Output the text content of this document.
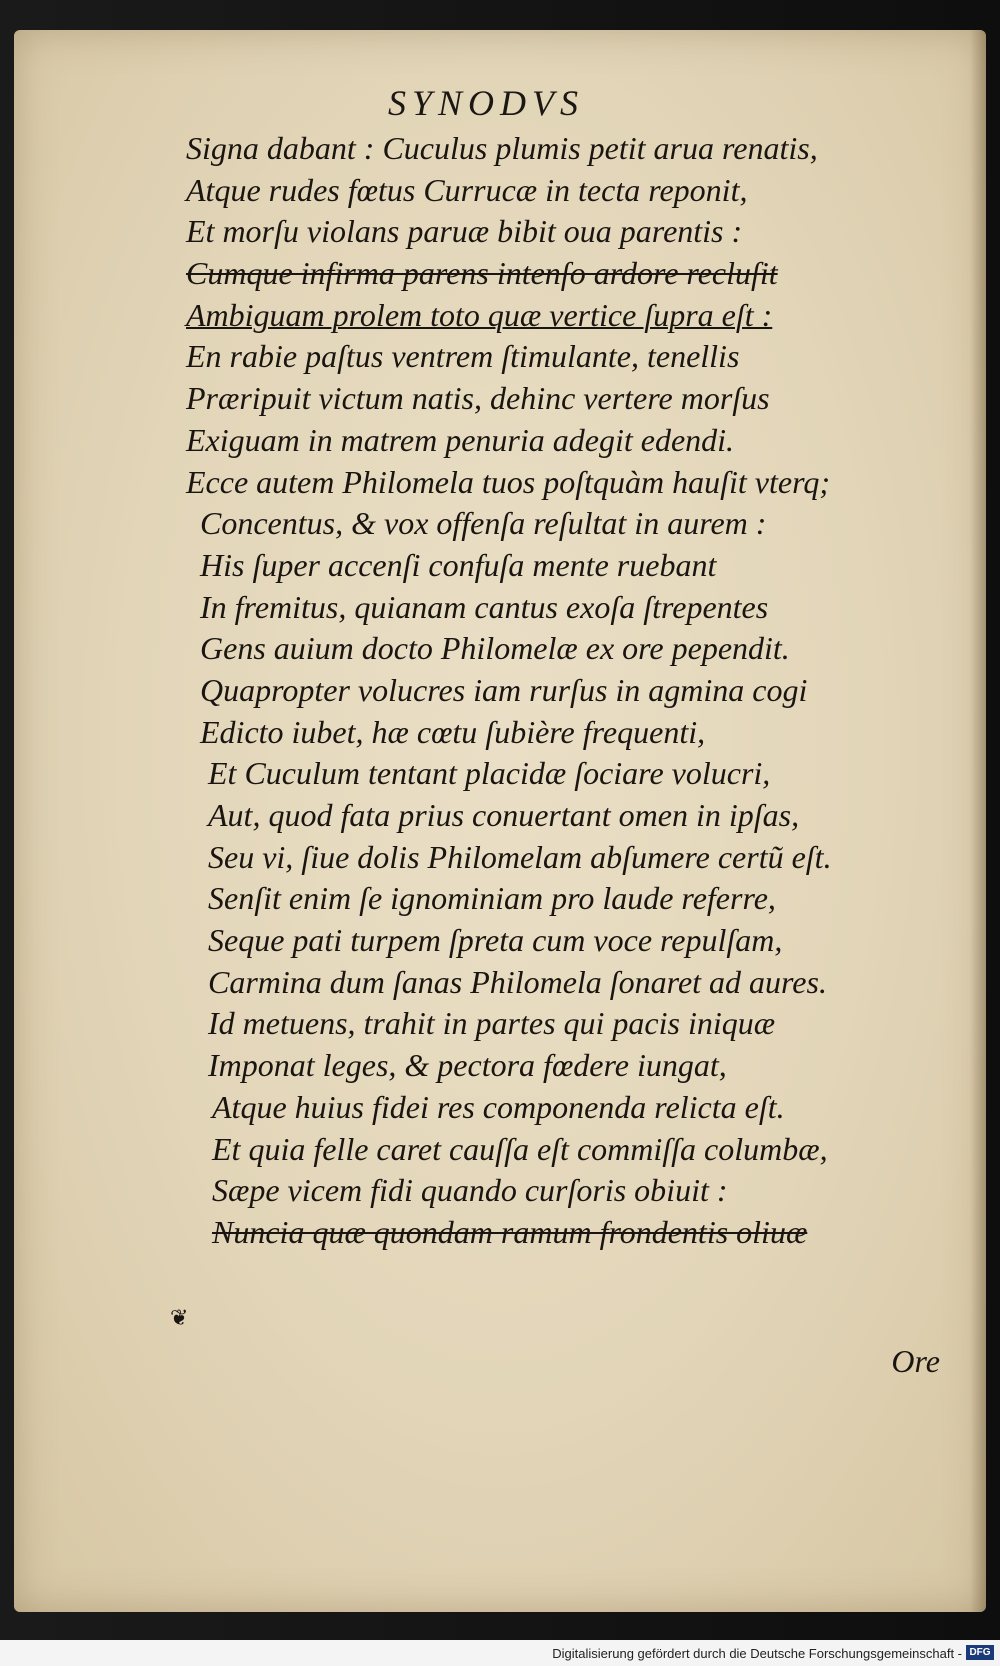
SYNODVS
Signa dabant : Cuculus plumis petit arua renatis,
Atque rudes fœtus Currucæ in tecta reponit,
Et morſu violans paruæ bibit oua parentis :
Cumque infirma parens intenſo ardore recluſit
Ambiguam prolem toto quæ vertice ſupra eſt :
En rabie paſtus ventrem ſtimulante, tenellis
Præripuit victum natis, dehinc vertere morſus
Exiguam in matrem penuria adegit edendi.
Ecce autem Philomela tuos poſtquàm hauſit vterq;
Concentus, & vox offenſa reſultat in aurem :
His ſuper accenſi confuſa mente ruebant
In fremitus, quianam cantus exoſa ſtrepentes
Gens auium docto Philomelæ ex ore pependit.
Quapropter volucres iam rurſus in agmina cogi
Edicto iubet, hæ cœtu ſubière frequenti,
Et Cuculum tentant placidæ ſociare volucri,
Aut, quod fata prius conuertant omen in ipſas,
Seu vi, ſiue dolis Philomelam abſumere certũ eſt.
Senſit enim ſe ignominiam pro laude referre,
Seque pati turpem ſpreta cum voce repulſam,
Carmina dum ſanas Philomela ſonaret ad aures.
Id metuens, trahit in partes qui pacis iniquæ
Imponat leges, & pectora fœdere iungat,
Atque huius fidei res componenda relicta eſt.
Et quia felle caret cauſſa eſt commiſſa columbæ,
Sæpe vicem fidi quando curſoris obiuit :
Nuncia quæ quondam ramum frondentis oliuæ
❦
Ore
Digitalisierung gefördert durch die Deutsche Forschungsgemeinschaft - DFG
